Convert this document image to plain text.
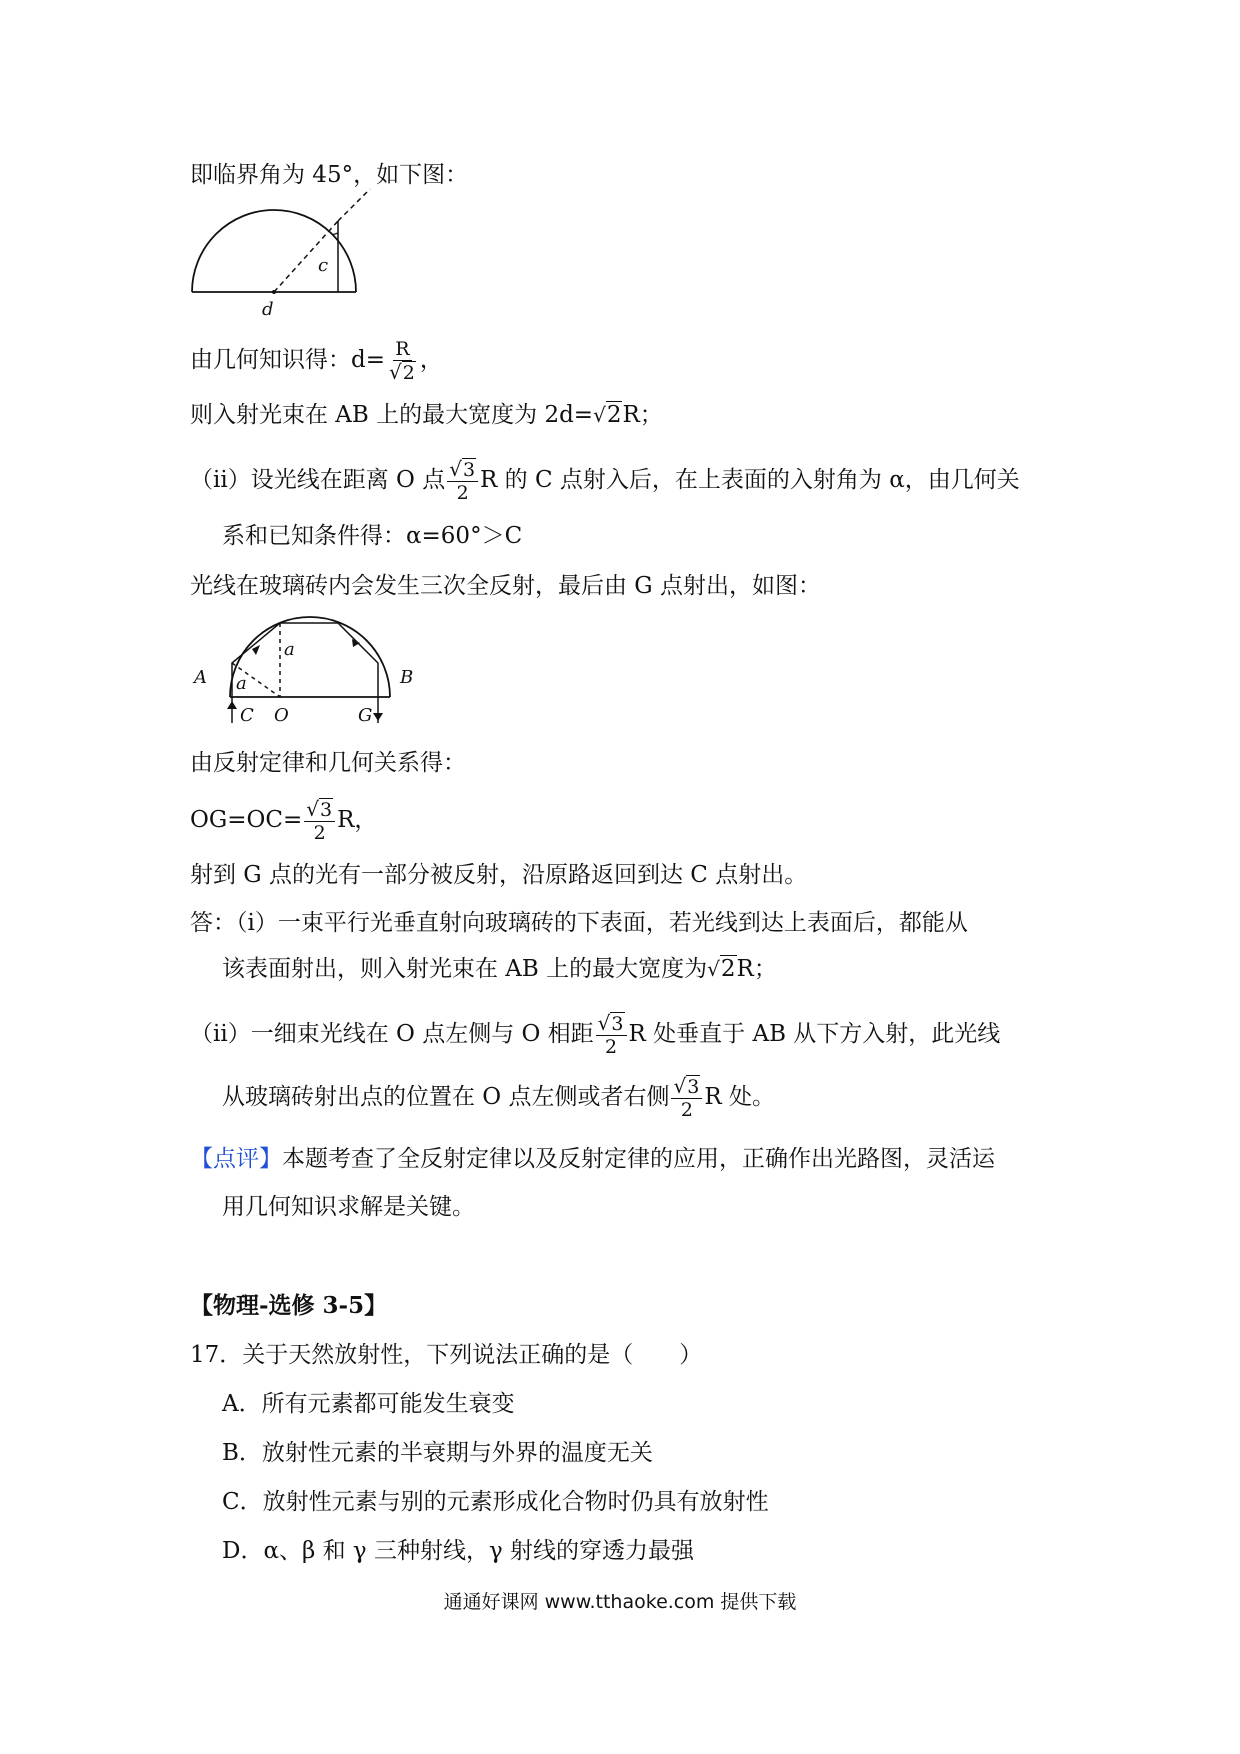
即临界角为 45°，如下图：
c
d
由几何知识得：$d= \frac{R}{√2}$ ，
则入射光束在 AB 上的最大宽度为 2d=√2R；
（ii）设光线在距离 O 点 $\frac{√3}{2}$ R 的 C 点射入后，在上表面的入射角为 α，由几何关
系和已知条件得：α=60°＞C
光线在玻璃砖内会发生三次全反射，最后由 G 点射出，如图：
A	B
C O	G
a
a
由反射定律和几何关系得：
$OG=OC= \frac{√3}{2}$ R，
射到 G 点的光有一部分被反射，沿原路返回到达 C 点射出。
答：（i）一束平行光垂直射向玻璃砖的下表面，若光线到达上表面后，都能从
该表面射出，则入射光束在 AB 上的最大宽度为√2R；
（ii）一细束光线在 O 点左侧与 O 相距 $\frac{√3}{2}$ R 处垂直于 AB 从下方入射，此光线
从玻璃砖射出点的位置在 O 点左侧或者右侧 $\frac{√3}{2}$ R 处。
【点评】本题考查了全反射定律以及反射定律的应用，正确作出光路图，灵活运
用几何知识求解是关键。
【物理-选修 3-5】
17．关于天然放射性，下列说法正确的是（　　）
A．所有元素都可能发生衰变
B．放射性元素的半衰期与外界的温度无关
C．放射性元素与别的元素形成化合物时仍具有放射性
D．α、β 和 γ 三种射线，γ 射线的穿透力最强
通通好课网 www.tthaoke.com 提供下载
